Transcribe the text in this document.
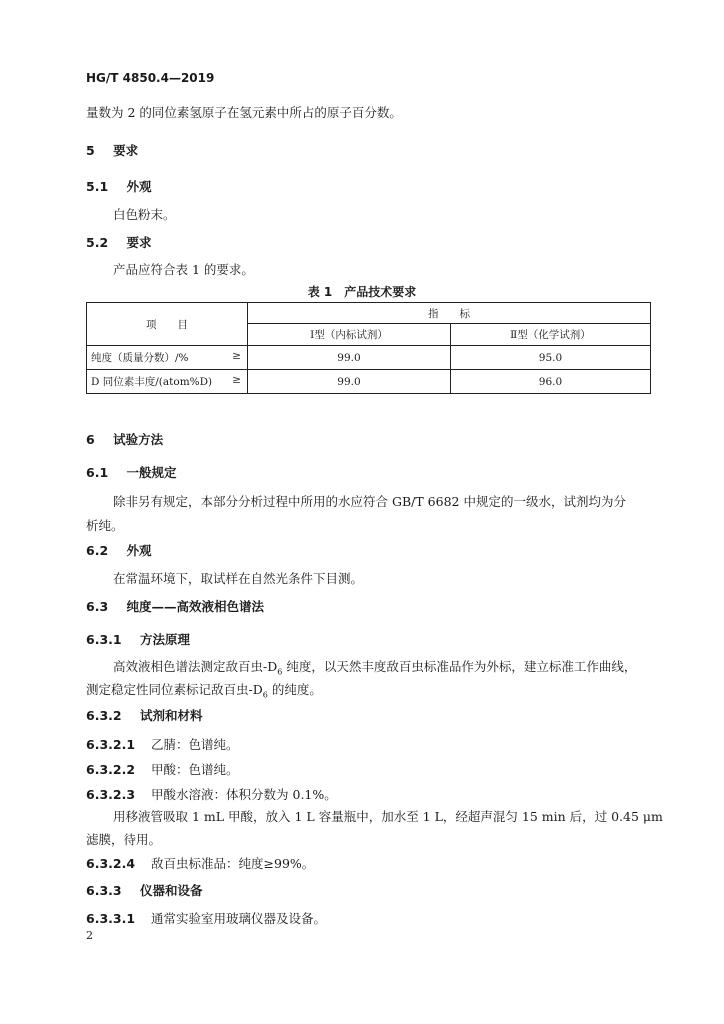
HG/T 4850.4—2019
量数为 2 的同位素氢原子在氢元素中所占的原子百分数。
5 要求
5.1 外观
白色粉末。
5.2 要求
产品应符合表 1 的要求。
表 1　产品技术要求
项　　目	指　　标	
	Ⅰ型（内标试剂）	Ⅱ型（化学试剂）
纯度（质量分数）/% ≥	99.0	95.0
D 同位素丰度/(atom%D) ≥	99.0	96.0
6 试验方法
6.1 一般规定
除非另有规定，本部分分析过程中所用的水应符合 GB/T 6682 中规定的一级水，试剂均为分
析纯。
6.2 外观
在常温环境下，取试样在自然光条件下目测。
6.3 纯度——高效液相色谱法
6.3.1 方法原理
高效液相色谱法测定敌百虫$-D_6$ 纯度，以天然丰度敌百虫标准品作为外标，建立标准工作曲线，
测定稳定性同位素标记敌百虫$-D_6$ 的纯度。
6.3.2 试剂和材料
6.3.2.1 乙腈：色谱纯。
6.3.2.2 甲酸：色谱纯。
6.3.2.3 甲酸水溶液：体积分数为 0.1%。
用移液管吸取 1 mL 甲酸，放入 1 L 容量瓶中，加水至 1 L，经超声混匀 15 min 后，过 0.45 μm
滤膜，待用。
6.3.2.4 敌百虫标准品：纯度≥99%。
6.3.3 仪器和设备
6.3.3.1 通常实验室用玻璃仪器及设备。
2
